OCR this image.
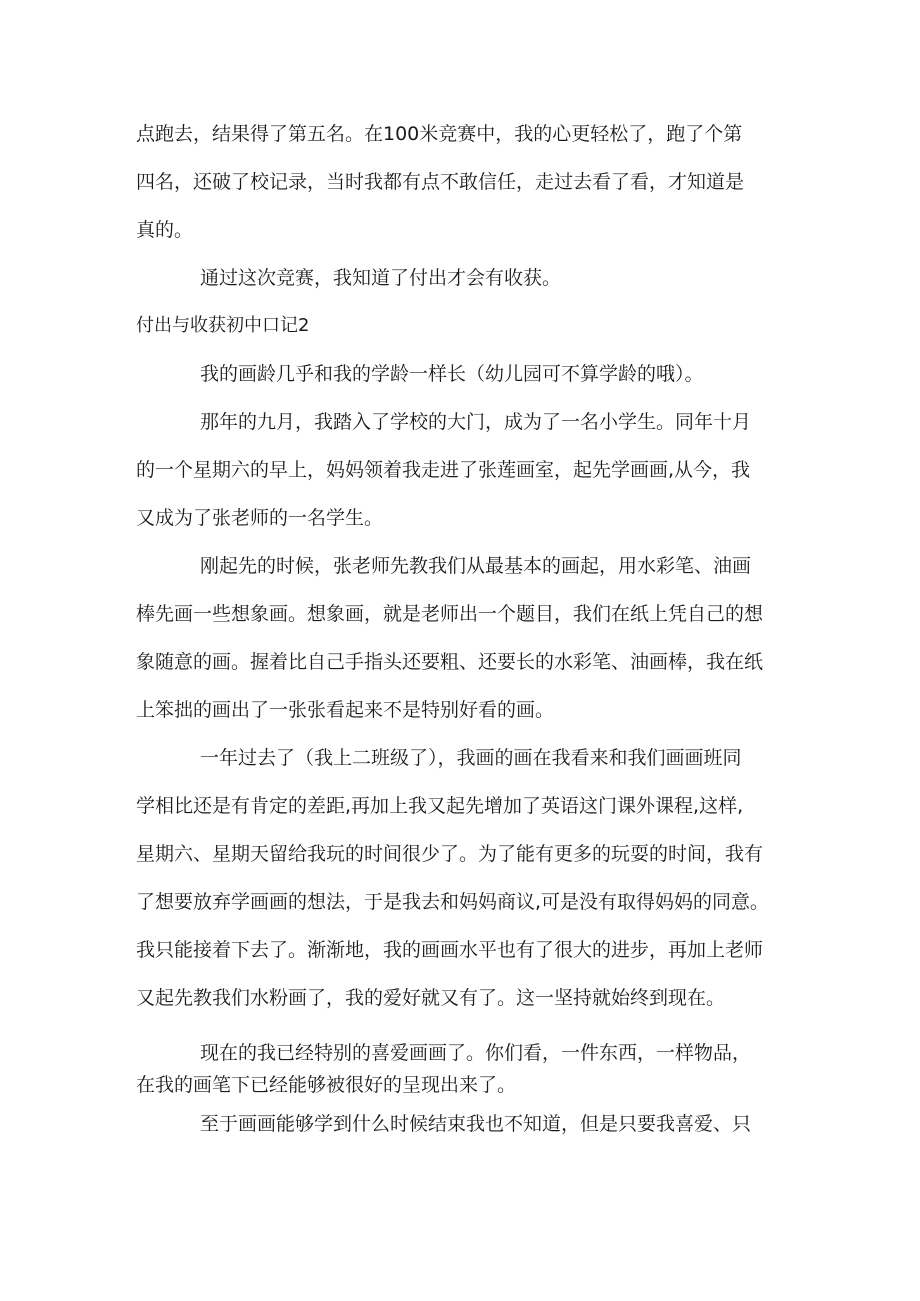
点跑去，结果得了第五名。在100米竞赛中，我的心更轻松了，跑了个第

四名，还破了校记录，当时我都有点不敢信任，走过去看了看，才知道是

真的。

通过这次竞赛，我知道了付出才会有收获。

付出与收获初中口记2

我的画龄几乎和我的学龄一样长（幼儿园可不算学龄的哦）。

那年的九月，我踏入了学校的大门，成为了一名小学生。同年十月

的一个星期六的早上，妈妈领着我走进了张莲画室，起先学画画,从今，我

又成为了张老师的一名学生。

刚起先的时候，张老师先教我们从最基本的画起，用水彩笔、油画

棒先画一些想象画。想象画，就是老师出一个题目，我们在纸上凭自己的想

象随意的画。握着比自己手指头还要粗、还要长的水彩笔、油画棒，我在纸

上笨拙的画出了一张张看起来不是特别好看的画。

一年过去了（我上二班级了），我画的画在我看来和我们画画班同

学相比还是有肯定的差距,再加上我又起先增加了英语这门课外课程,这样,

星期六、星期天留给我玩的时间很少了。为了能有更多的玩耍的时间，我有

了想要放弃学画画的想法，于是我去和妈妈商议,可是没有取得妈妈的同意。

我只能接着下去了。渐渐地，我的画画水平也有了很大的进步，再加上老师

又起先教我们水粉画了，我的爱好就又有了。这一坚持就始终到现在。

现在的我已经特别的喜爱画画了。你们看，一件东西，一样物品，

在我的画笔下已经能够被很好的呈现出来了。

至于画画能够学到什么时候结束我也不知道，但是只要我喜爱、只
